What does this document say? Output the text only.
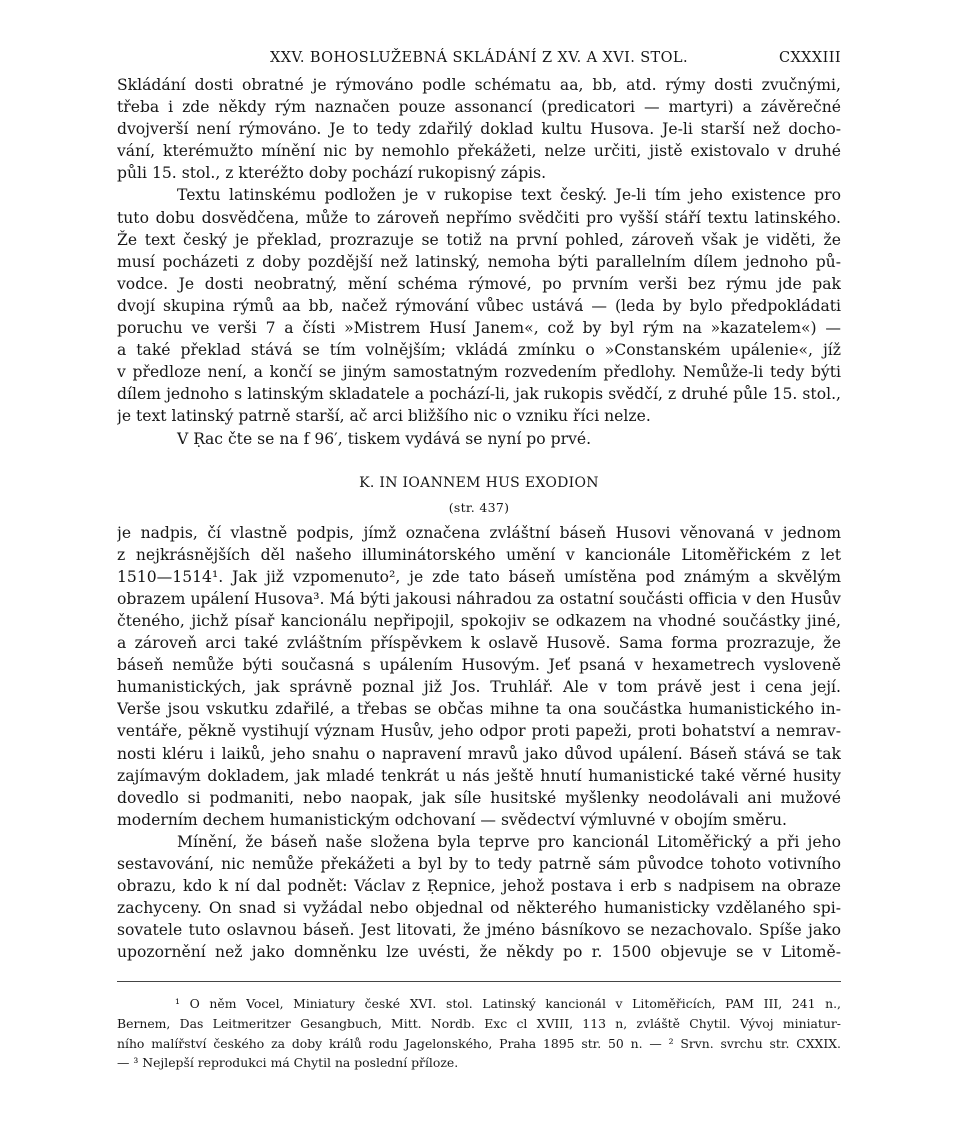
XXV. BOHOSLUŽEBNÁ SKLÁDÁNÍ Z XV. A XVI. STOL.	CXXXIII

Skládání dosti obratné je rýmováno podle schématu aa, bb, atd. rýmy dosti zvučnými,

třeba i zde někdy rým naznačen pouze assonancí (predicatori — martyri) a závěrečné

dvojverší není rýmováno. Je to tedy zdařilý doklad kultu Husova. Je-li starší než docho-

vání, kterémužto mínění nic by nemohlo překážeti, nelze určiti, jistě existovalo v druhé

půli 15. stol., z kteréžto doby pochází rukopisný zápis.

Textu latinskému podložen je v rukopise text český. Je-li tím jeho existence pro

tuto dobu dosvědčena, může to zároveň nepřímo svědčiti pro vyšší stáří textu latinského.

Že text český je překlad, prozrazuje se totiž na první pohled, zároveň však je viděti, že

musí pocházeti z doby pozdější než latinský, nemoha býti parallelním dílem jednoho pů-

vodce. Je dosti neobratný, mění schéma rýmové, po prvním verši bez rýmu jde pak

dvojí skupina rýmů aa bb, načež rýmování vůbec ustává — (leda by bylo předpokládati

poruchu ve verši 7 a čísti »Mistrem Husí Janem«, což by byl rým na »kazatelem«) —

a také překlad stává se tím volnějším; vkládá zmínku o »Constanském upálenie«, jíž

v předloze není, a končí se jiným samostatným rozvedením předlohy. Nemůže-li tedy býti

dílem jednoho s latinským skladatele a pochází-li, jak rukopis svědčí, z druhé půle 15. stol.,

je text latinský patrně starší, ač arci bližšího nic o vzniku říci nelze.

V Ṛac čte se na f 96′, tiskem vydává se nyní po prvé.

K. IN IOANNEM HUS EXODION
(str. 437)

je nadpis, čí vlastně podpis, jímž označena zvláštní báseň Husovi věnovaná v jednom

z nejkrásnějších děl našeho illuminátorského umění v kancionále Litoměřickém z let

1510—1514¹. Jak již vzpomenuto², je zde tato báseň umístěna pod známým a skvělým

obrazem upálení Husova³. Má býti jakousi náhradou za ostatní součásti officia v den Husův

čteného, jichž písař kancionálu nepřipojil, spokojiv se odkazem na vhodné součástky jiné,

a zároveň arci také zvláštním příspěvkem k oslavě Husově. Sama forma prozrazuje, že

báseň nemůže býti současná s upálením Husovým. Jeť psaná v hexametrech vysloveně

humanistických, jak správně poznal již Jos. Truhlář. Ale v tom právě jest i cena její.

Verše jsou vskutku zdařilé, a třebas se občas mihne ta ona součástka humanistického in-

ventáře, pěkně vystihují význam Husův, jeho odpor proti papeži, proti bohatství a nemrav-

nosti kléru i laiků, jeho snahu o napravení mravů jako důvod upálení. Báseň stává se tak

zajímavým dokladem, jak mladé tenkrát u nás ještě hnutí humanistické také věrné husity

dovedlo si podmaniti, nebo naopak, jak síle husitské myšlenky neodolávali ani mužové

moderním dechem humanistickým odchovaní — svědectví výmluvné v obojím směru.

Mínění, že báseň naše složena byla teprve pro kancionál Litoměřický a při jeho

sestavování, nic nemůže překážeti a byl by to tedy patrně sám původce tohoto votivního

obrazu, kdo k ní dal podnět: Václav z Ṛepnice, jehož postava i erb s nadpisem na obraze

zachyceny. On snad si vyžádal nebo objednal od některého humanisticky vzdělaného spi-

sovatele tuto oslavnou báseň. Jest litovati, že jméno básníkovo se nezachovalo. Spíše jako

upozornění než jako domněnku lze uvésti, že někdy po r. 1500 objevuje se v Litomě-

¹ O něm Vocel, Miniatury české XVI. stol. Latinský kancionál v Litoměřicích, PAM III, 241 n.,

Bernem, Das Leitmeritzer Gesangbuch, Mitt. Nordb. Exc cl XVIII, 113 n, zvláště Chytil. Vývoj miniatur-

ního malířství českého za doby králů rodu Jagelonského, Praha 1895 str. 50 n. — ² Srvn. svrchu str. CXXIX.

— ³ Nejlepší reprodukci má Chytil na poslední příloze.
